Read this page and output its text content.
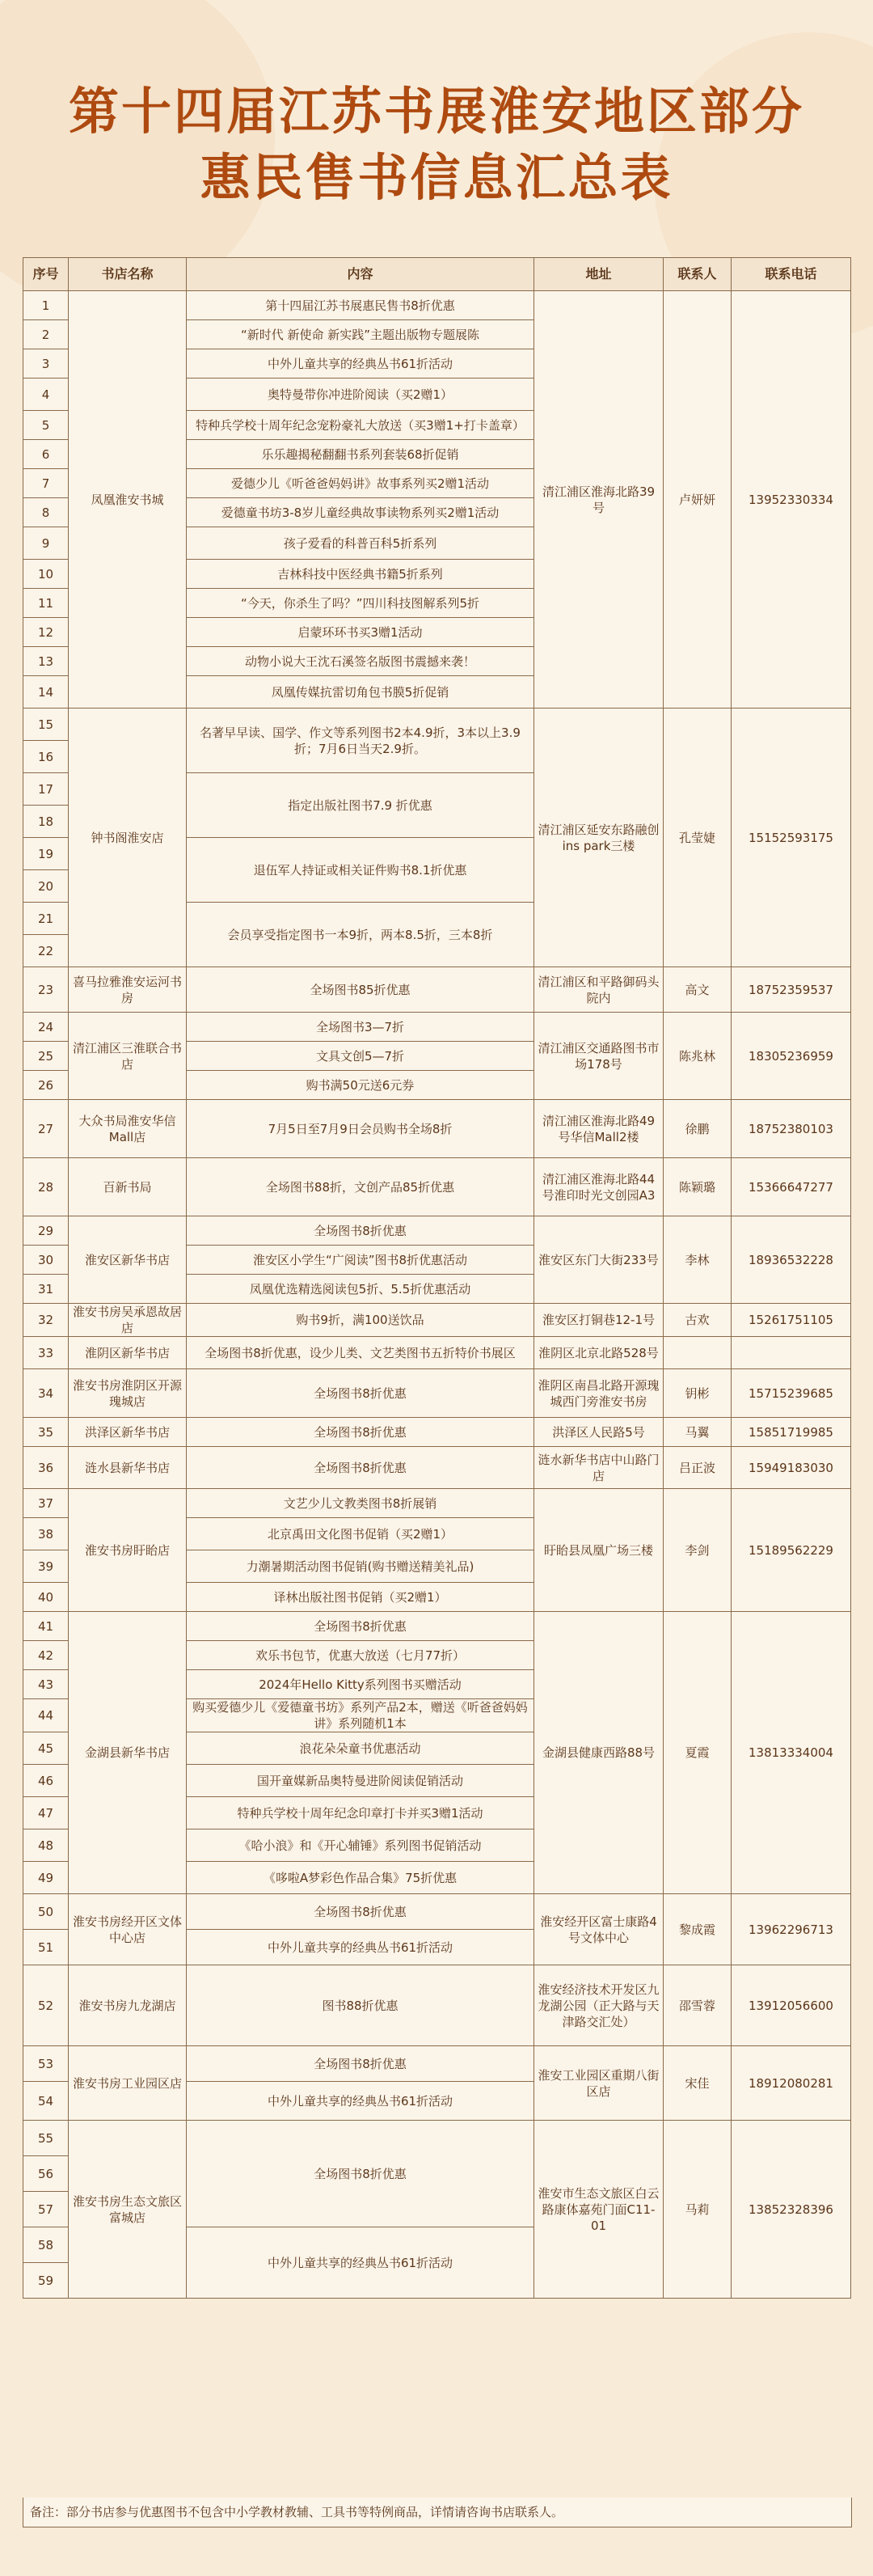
第十四届江苏书展淮安地区部分
惠民售书信息汇总表
序号	书店名称	内容	地址	联系人	联系电话
1	凤凰淮安书城	第十四届江苏书展惠民售书8折优惠	清江浦区淮海北路39号	卢妍妍	13952330334
2		“新时代 新使命 新实践”主题出版物专题展陈			
3		中外儿童共享的经典丛书61折活动			
4		奥特曼带你冲进阶阅读（买2赠1）			
5		特种兵学校十周年纪念宠粉豪礼大放送（买3赠1+打卡盖章）			
6		乐乐趣揭秘翻翻书系列套装68折促销			
7		爱德少儿《听爸爸妈妈讲》故事系列买2赠1活动			
8		爱德童书坊3-8岁儿童经典故事读物系列买2赠1活动			
9		孩子爱看的科普百科5折系列			
10		吉林科技中医经典书籍5折系列			
11		“今天，你杀生了吗？”四川科技图解系列5折			
12		启蒙环环书买3赠1活动			
13		动物小说大王沈石溪签名版图书震撼来袭！			
14		凤凰传媒抗雷切角包书膜5折促销			
15	钟书阁淮安店	名著早早读、国学、作文等系列图书2本4.9折，3本以上3.9折；7月6日当天2.9折。	清江浦区延安东路融创ins park三楼	孔莹婕	15152593175
16					
17		指定出版社图书7.9 折优惠			
18					
19		退伍军人持证或相关证件购书8.1折优惠			
20					
21		会员享受指定图书一本9折，两本8.5折，三本8折			
22					
23	喜马拉雅淮安运河书房	全场图书85折优惠	清江浦区和平路御码头院内	高文	18752359537
24	清江浦区三淮联合书店	全场图书3—7折	清江浦区交通路图书市场178号	陈兆林	18305236959
25		文具文创5—7折			
26		购书满50元送6元券			
27	大众书局淮安华信Mall店	7月5日至7月9日会员购书全场8折	清江浦区淮海北路49号华信Mall2楼	徐鹏	18752380103
28	百新书局	全场图书88折，文创产品85折优惠	清江浦区淮海北路44号淮印时光文创园A3	陈颖璐	15366647277
29	淮安区新华书店	全场图书8折优惠	淮安区东门大街233号	李林	18936532228
30		淮安区小学生“广阅读”图书8折优惠活动			
31		凤凰优选精选阅读包5折、5.5折优惠活动			
32	淮安书房吴承恩故居店	购书9折，满100送饮品	淮安区打铜巷12-1号	古欢	15261751105
33	淮阴区新华书店	全场图书8折优惠，设少儿类、文艺类图书五折特价书展区	淮阴区北京北路528号		
34	淮安书房淮阴区开源瑰城店	全场图书8折优惠	淮阴区南昌北路开源瑰城西门旁淮安书房	钥彬	15715239685
35	洪泽区新华书店	全场图书8折优惠	洪泽区人民路5号	马翼	15851719985
36	涟水县新华书店	全场图书8折优惠	涟水新华书店中山路门店	吕正波	15949183030
37	淮安书房盱眙店	文艺少儿文教类图书8折展销	盱眙县凤凰广场三楼	李剑	15189562229
38		北京禹田文化图书促销（买2赠1）			
39		力潮暑期活动图书促销(购书赠送精美礼品)			
40		译林出版社图书促销（买2赠1）			
41	金湖县新华书店	全场图书8折优惠	金湖县健康西路88号	夏霞	13813334004
42		欢乐书包节，优惠大放送（七月77折）			
43		2024年Hello Kitty系列图书买赠活动			
44		购买爱德少儿《爱德童书坊》系列产品2本，赠送《听爸爸妈妈讲》系列随机1本			
45		浪花朵朵童书优惠活动			
46		国开童媒新品奥特曼进阶阅读促销活动			
47		特种兵学校十周年纪念印章打卡并买3赠1活动			
48		《哈小浪》和《开心辅锤》系列图书促销活动			
49		《哆啦A梦彩色作品合集》75折优惠			
50	淮安书房经开区文体中心店	全场图书8折优惠	淮安经开区富士康路4号文体中心	黎成霞	13962296713
51		中外儿童共享的经典丛书61折活动			
52	淮安书房九龙湖店	图书88折优惠	淮安经济技术开发区九龙湖公园（正大路与天津路交汇处）	邵雪蓉	13912056600
53	淮安书房工业园区店	全场图书8折优惠	淮安工业园区重期八街区店	宋佳	18912080281
54		中外儿童共享的经典丛书61折活动			
55	淮安书房生态文旅区富城店	全场图书8折优惠	淮安市生态文旅区白云路康体嘉苑门面C11-01	马莉	13852328396
56					
57					
58		中外儿童共享的经典丛书61折活动			
59					
备注：部分书店参与优惠图书不包含中小学教材教辅、工具书等特例商品，详情请咨询书店联系人。
